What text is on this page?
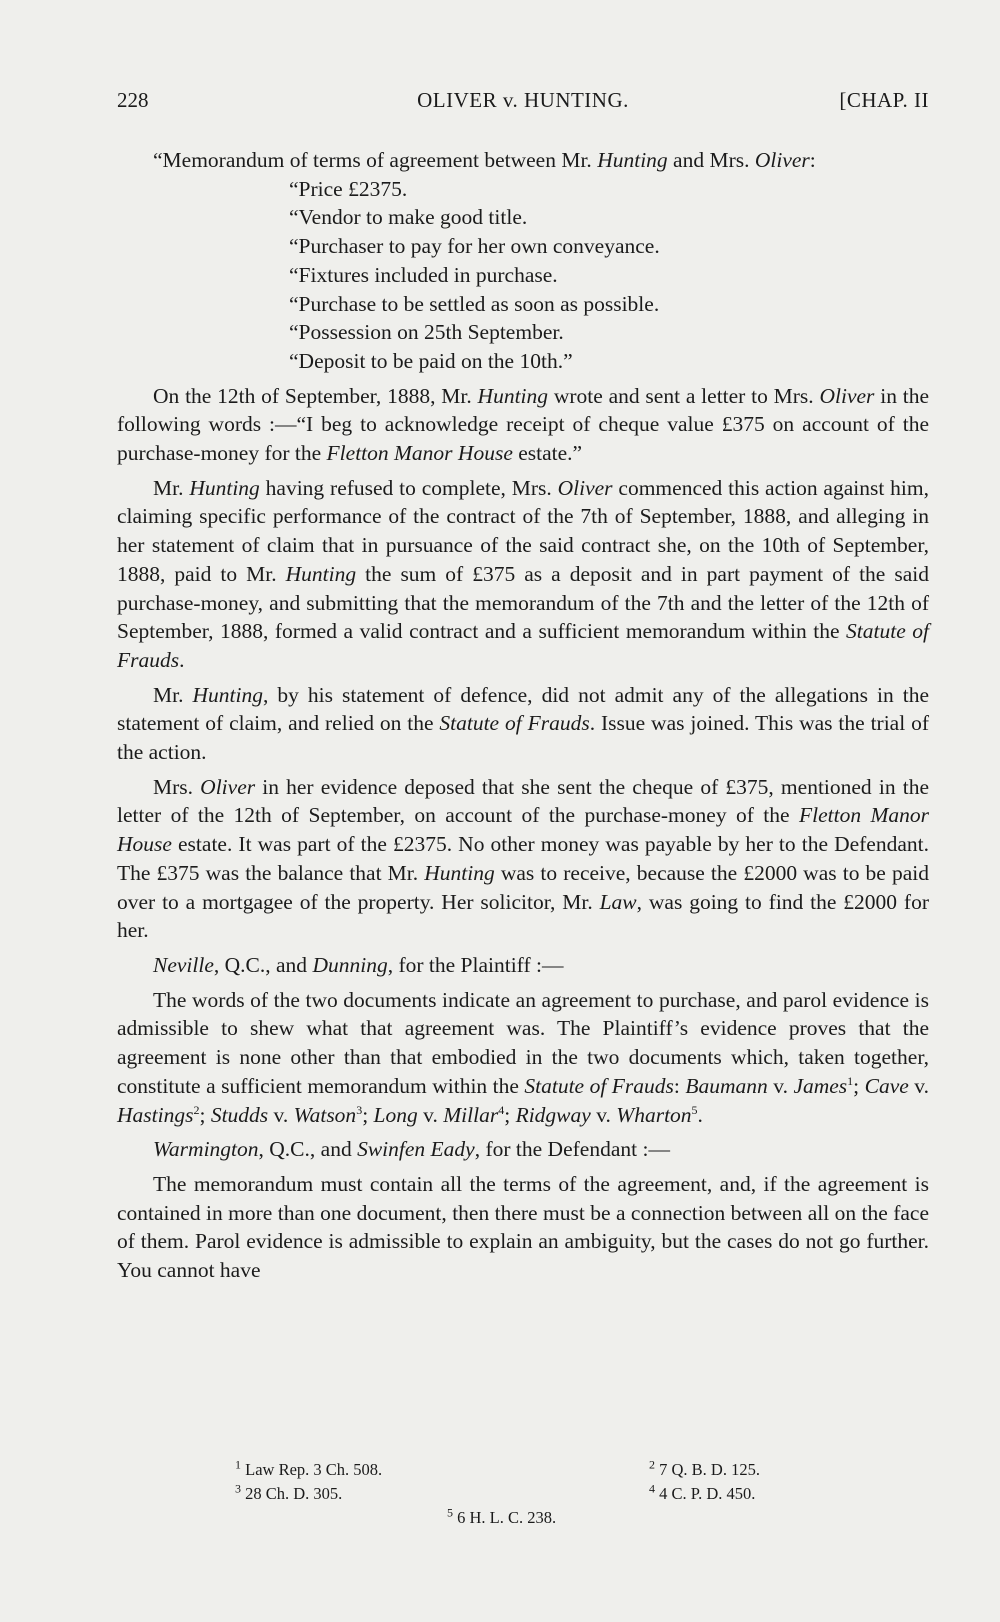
228	OLIVER v. HUNTING.	[CHAP. II

“Memorandum of terms of agreement between Mr. Hunting and Mrs. Oliver:

“Price £2375.
“Vendor to make good title.
“Purchaser to pay for her own conveyance.
“Fixtures included in purchase.
“Purchase to be settled as soon as possible.
“Possession on 25th September.
“Deposit to be paid on the 10th.”

On the 12th of September, 1888, Mr. Hunting wrote and sent a letter to Mrs. Oliver in the following words :—“I beg to acknowledge receipt of cheque value £375 on account of the purchase-money for the Fletton Manor House estate.”

Mr. Hunting having refused to complete, Mrs. Oliver commenced this action against him, claiming specific performance of the contract of the 7th of September, 1888, and alleging in her statement of claim that in pursuance of the said contract she, on the 10th of September, 1888, paid to Mr. Hunting the sum of £375 as a deposit and in part payment of the said purchase-money, and submitting that the memorandum of the 7th and the letter of the 12th of September, 1888, formed a valid contract and a sufficient memorandum within the Statute of Frauds.

Mr. Hunting, by his statement of defence, did not admit any of the allegations in the statement of claim, and relied on the Statute of Frauds. Issue was joined. This was the trial of the action.

Mrs. Oliver in her evidence deposed that she sent the cheque of £375, mentioned in the letter of the 12th of September, on account of the purchase-money of the Fletton Manor House estate. It was part of the £2375. No other money was payable by her to the Defendant. The £375 was the balance that Mr. Hunting was to receive, because the £2000 was to be paid over to a mortgagee of the property. Her solicitor, Mr. Law, was going to find the £2000 for her.

Neville, Q.C., and Dunning, for the Plaintiff :—

The words of the two documents indicate an agreement to purchase, and parol evidence is admissible to shew what that agreement was. The Plaintiff’s evidence proves that the agreement is none other than that embodied in the two documents which, taken together, constitute a sufficient memorandum within the Statute of Frauds: Baumann v. James$^1$; Cave v. Hastings$^2$; Studds v. Watson$^3$; Long v. Millar$^4$; Ridgway v. Wharton$^5$.

Warmington, Q.C., and Swinfen Eady, for the Defendant :—

The memorandum must contain all the terms of the agreement, and, if the agreement is contained in more than one document, then there must be a connection between all on the face of them. Parol evidence is admissible to explain an ambiguity, but the cases do not go further. You cannot have

$^1$ Law Rep. 3 Ch. 508.	$^2$ 7 Q. B. D. 125.
$^3$ 28 Ch. D. 305.	$^4$ 4 C. P. D. 450.
$^5$ 6 H. L. C. 238.
